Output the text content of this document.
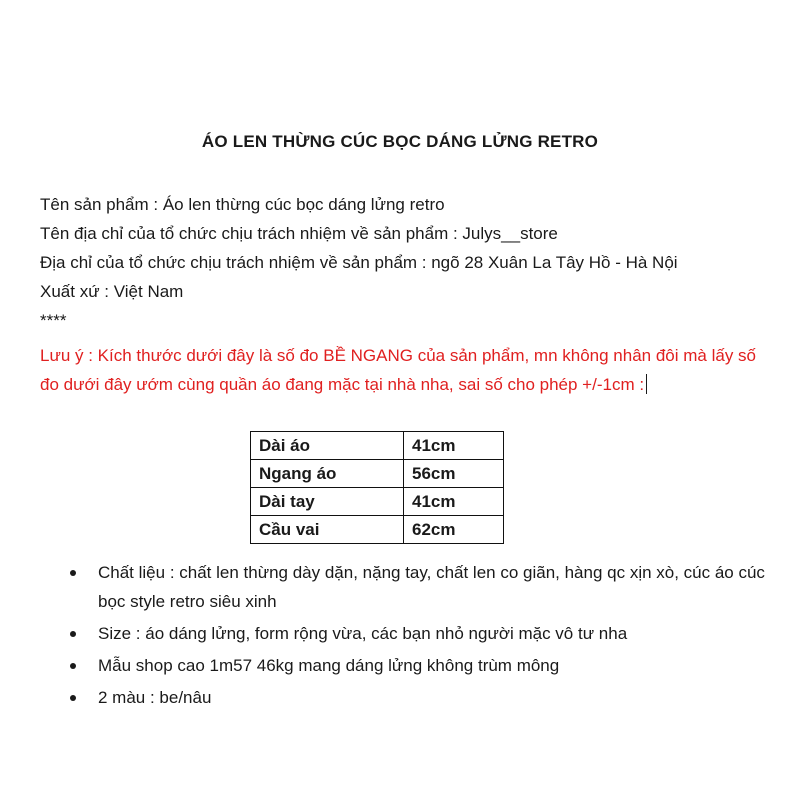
ÁO LEN THỪNG CÚC BỌC DÁNG LỬNG RETRO
Tên sản phẩm : Áo len thừng cúc bọc dáng lửng retro
Tên địa chỉ của tổ chức chịu trách nhiệm về sản phẩm : Julys__store
Địa chỉ của tổ chức chịu trách nhiệm về sản phẩm : ngõ 28 Xuân La Tây Hồ - Hà Nội
Xuất xứ : Việt Nam
****
Lưu ý : Kích thước dưới đây là số đo BỀ NGANG của sản phẩm, mn không nhân đôi mà lấy số đo dưới đây ướm cùng quần áo đang mặc tại nhà nha, sai số cho phép +/-1cm :
Dài áo	41cm
Ngang áo	56cm
Dài tay	41cm
Cầu vai	62cm
Chất liệu : chất len thừng dày dặn, nặng tay, chất len co giãn, hàng qc xịn xò, cúc áo cúc bọc style retro siêu xinh
Size : áo dáng lửng, form rộng vừa, các bạn nhỏ người mặc vô tư nha
Mẫu shop cao 1m57 46kg mang dáng lửng không trùm mông
2 màu : be/nâu
